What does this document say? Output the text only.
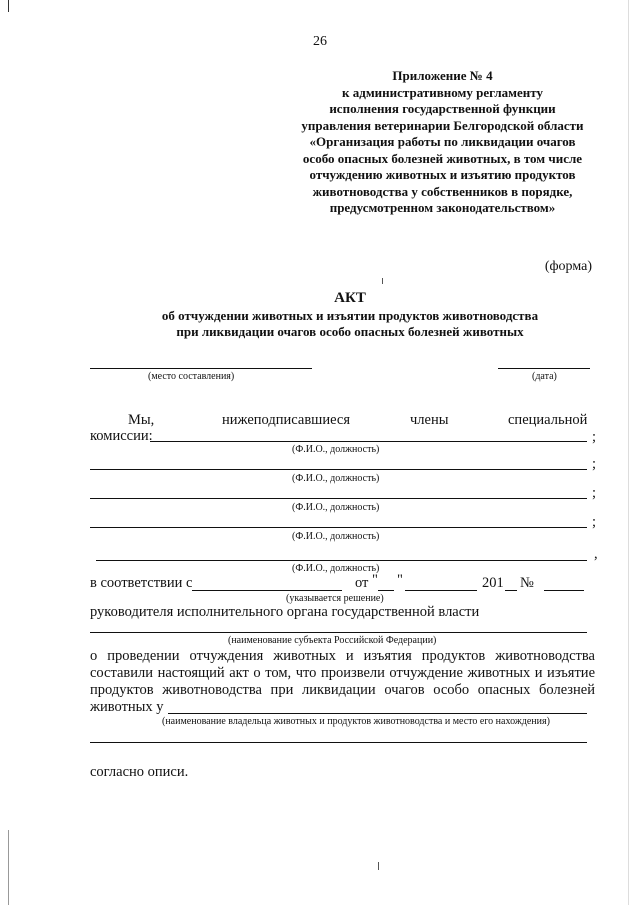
26
Приложение № 4
к административному регламенту
исполнения государственной функции
управления ветеринарии Белгородской области
«Организация работы по ликвидации очагов
особо опасных болезней животных, в том числе
отчуждению животных и изъятию продуктов
животноводства у собственников в порядке,
предусмотренном законодательством»
(форма)
АКТ
об отчуждении животных и изъятии продуктов животноводства
при ликвидации очагов особо опасных болезней животных
(место составления)	(дата)
Мы,	нижеподписавшиеся	члены	специальной
комиссии:	;
(Ф.И.О., должность)
;
(Ф.И.О., должность)
;
(Ф.И.О., должность)
;
(Ф.И.О., должность)
,
(Ф.И.О., должность)
в соответствии с	от " "	201 №
(указывается решение)
руководителя исполнительного органа государственной власти
(наименование субъекта Российской Федерации)
о проведении отчуждения животных и изъятия продуктов животноводства
составили настоящий акт о том, что произвели отчуждение животных и изъятие
продуктов животноводства при ликвидации очагов особо опасных болезней
животных у
(наименование владельца животных и продуктов животноводства и место его нахождения)
согласно описи.
